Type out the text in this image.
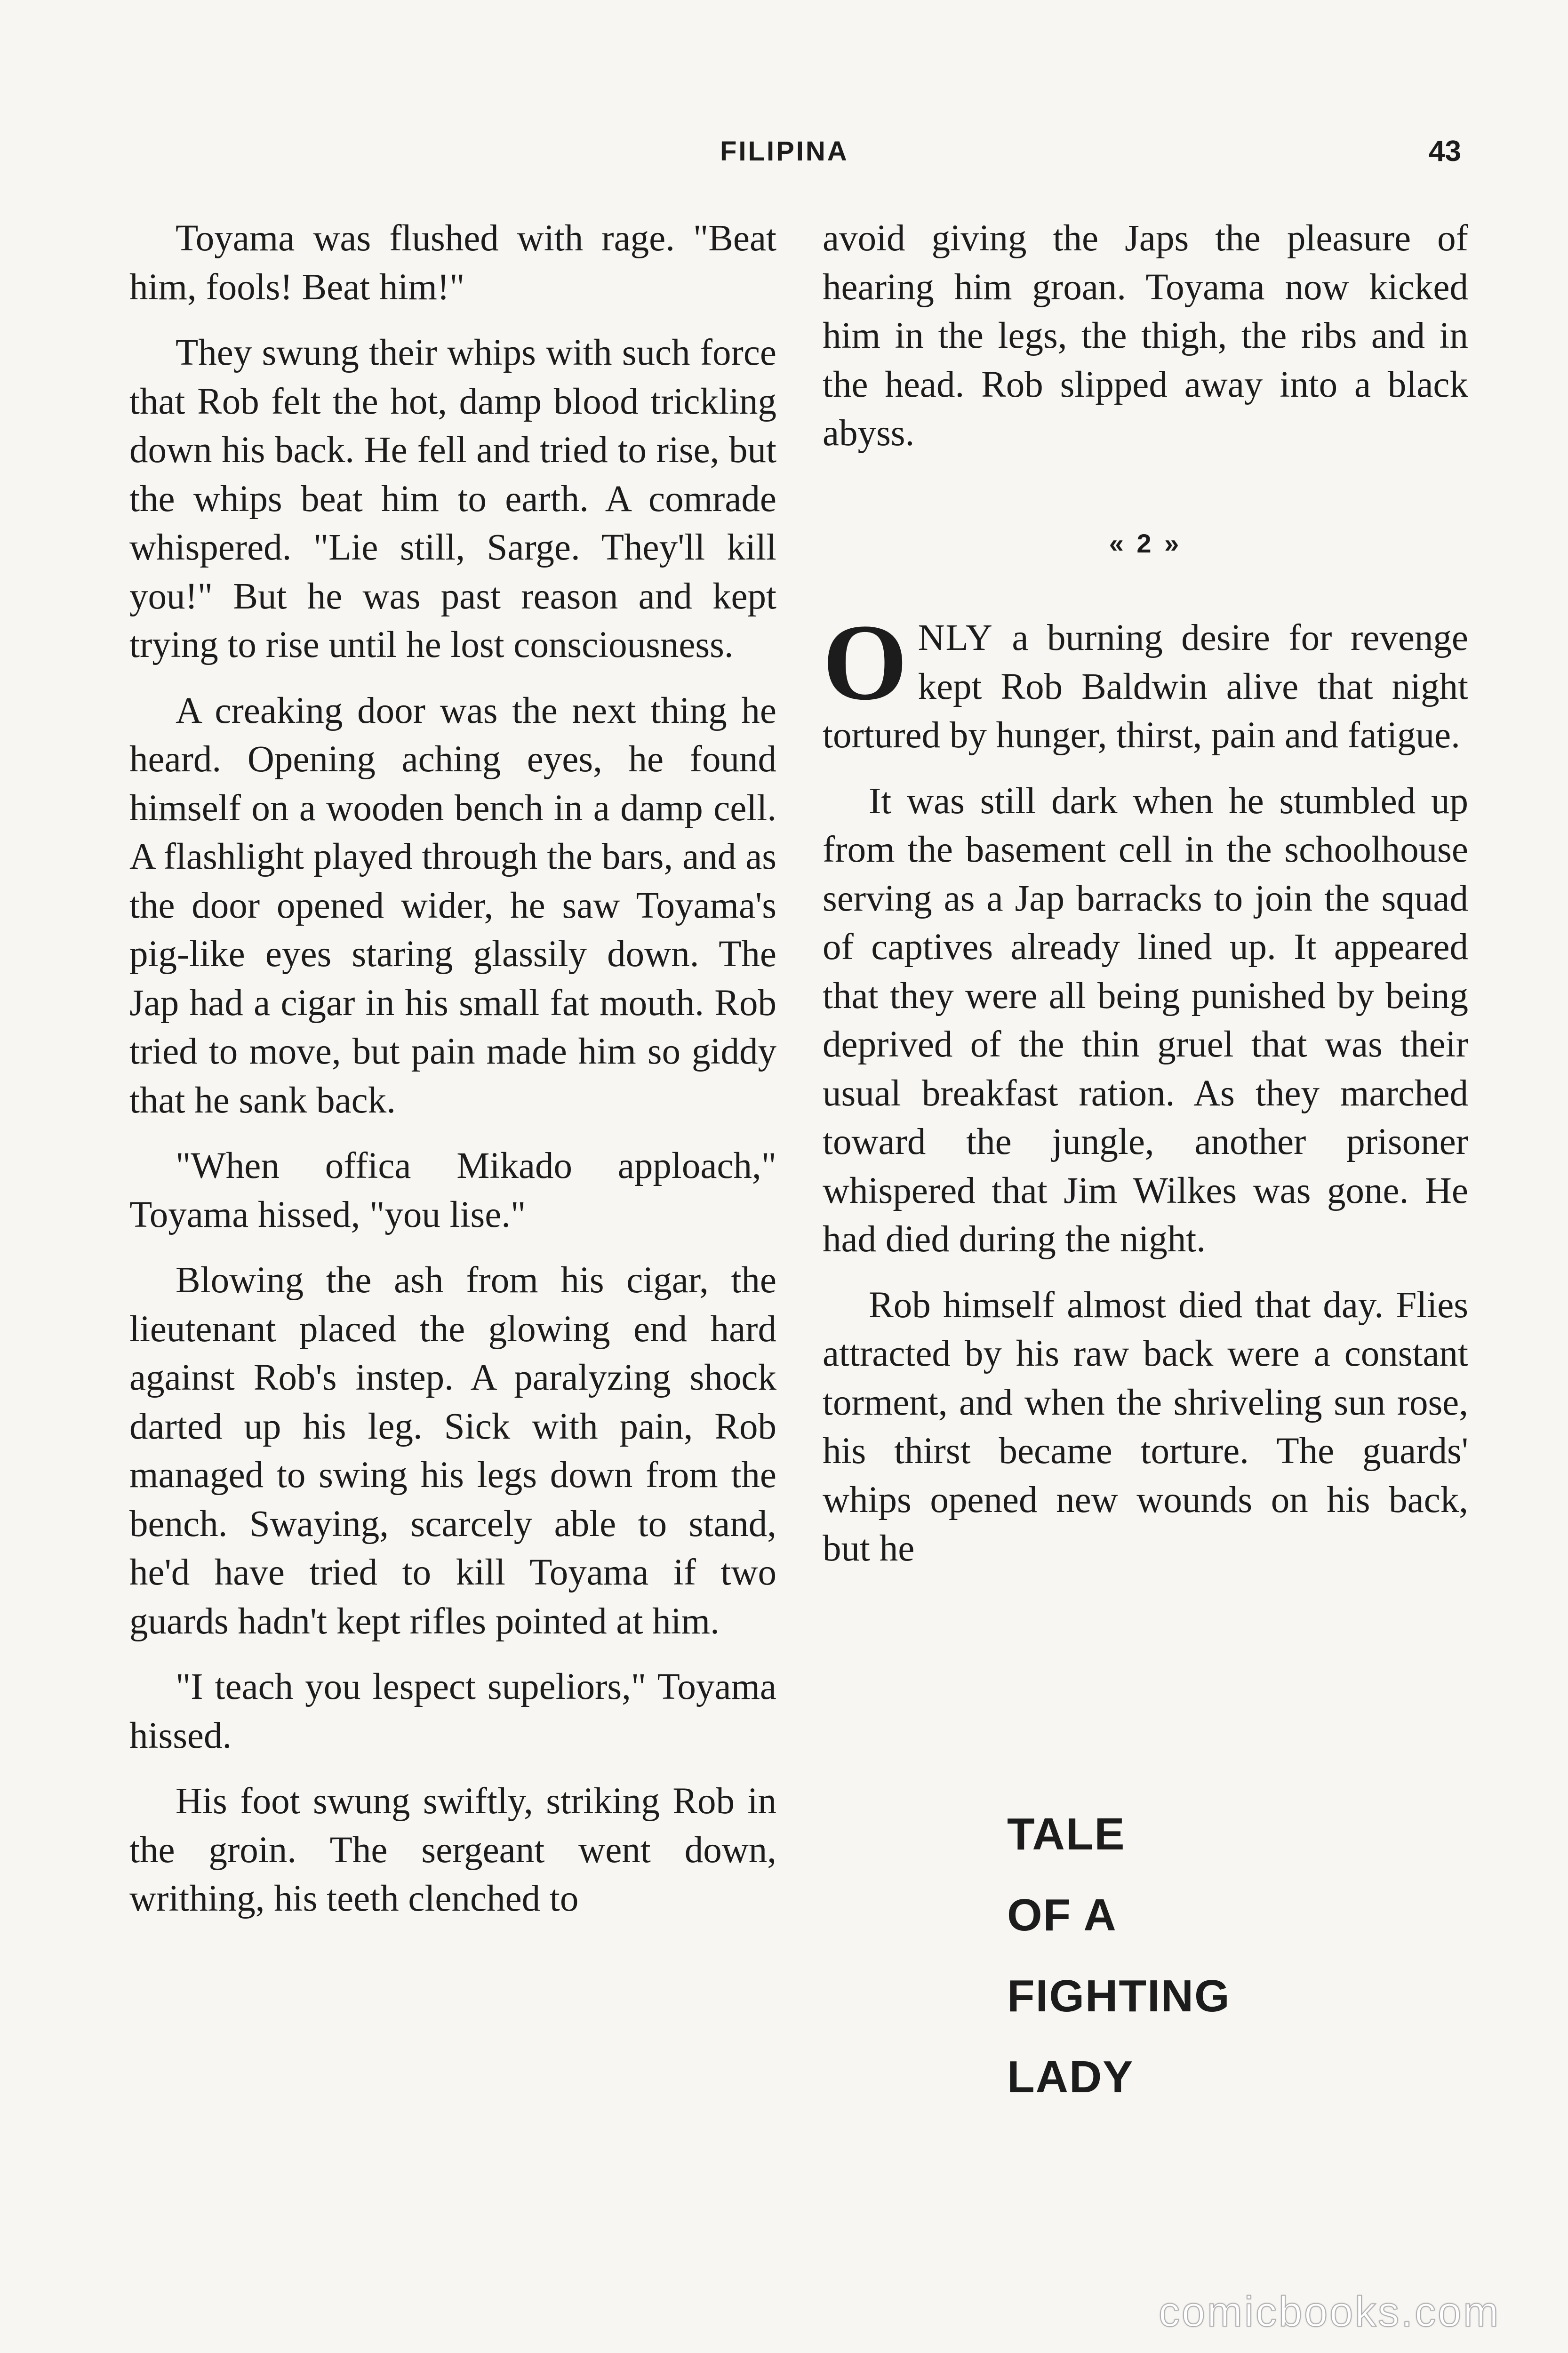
FILIPINA	43

Toyama was flushed with rage. "Beat him, fools! Beat him!"

They swung their whips with such force that Rob felt the hot, damp blood trickling down his back. He fell and tried to rise, but the whips beat him to earth. A comrade whispered. "Lie still, Sarge. They'll kill you!" But he was past reason and kept trying to rise until he lost consciousness.

A creaking door was the next thing he heard. Opening aching eyes, he found himself on a wooden bench in a damp cell. A flashlight played through the bars, and as the door opened wider, he saw Toyama's pig-like eyes staring glassily down. The Jap had a cigar in his small fat mouth. Rob tried to move, but pain made him so giddy that he sank back.

"When offica Mikado apploach," Toyama hissed, "you lise."

Blowing the ash from his cigar, the lieutenant placed the glowing end hard against Rob's instep. A paralyzing shock darted up his leg. Sick with pain, Rob managed to swing his legs down from the bench. Swaying, scarcely able to stand, he'd have tried to kill Toyama if two guards hadn't kept rifles pointed at him.

"I teach you lespect supeliors," Toyama hissed.

His foot swung swiftly, striking Rob in the groin. The sergeant went down, writhing, his teeth clenched to

avoid giving the Japs the pleasure of hearing him groan. Toyama now kicked him in the legs, the thigh, the ribs and in the head. Rob slipped away into a black abyss.

« 2 »

ONLY a burning desire for revenge kept Rob Baldwin alive that night tortured by hunger, thirst, pain and fatigue.

It was still dark when he stumbled up from the basement cell in the schoolhouse serving as a Jap barracks to join the squad of captives already lined up. It appeared that they were all being punished by being deprived of the thin gruel that was their usual breakfast ration. As they marched toward the jungle, another prisoner whispered that Jim Wilkes was gone. He had died during the night.

Rob himself almost died that day. Flies attracted by his raw back were a constant torment, and when the shriveling sun rose, his thirst became torture. The guards' whips opened new wounds on his back, but he

TALE
OF A
FIGHTING
LADY
comicbooks.com
